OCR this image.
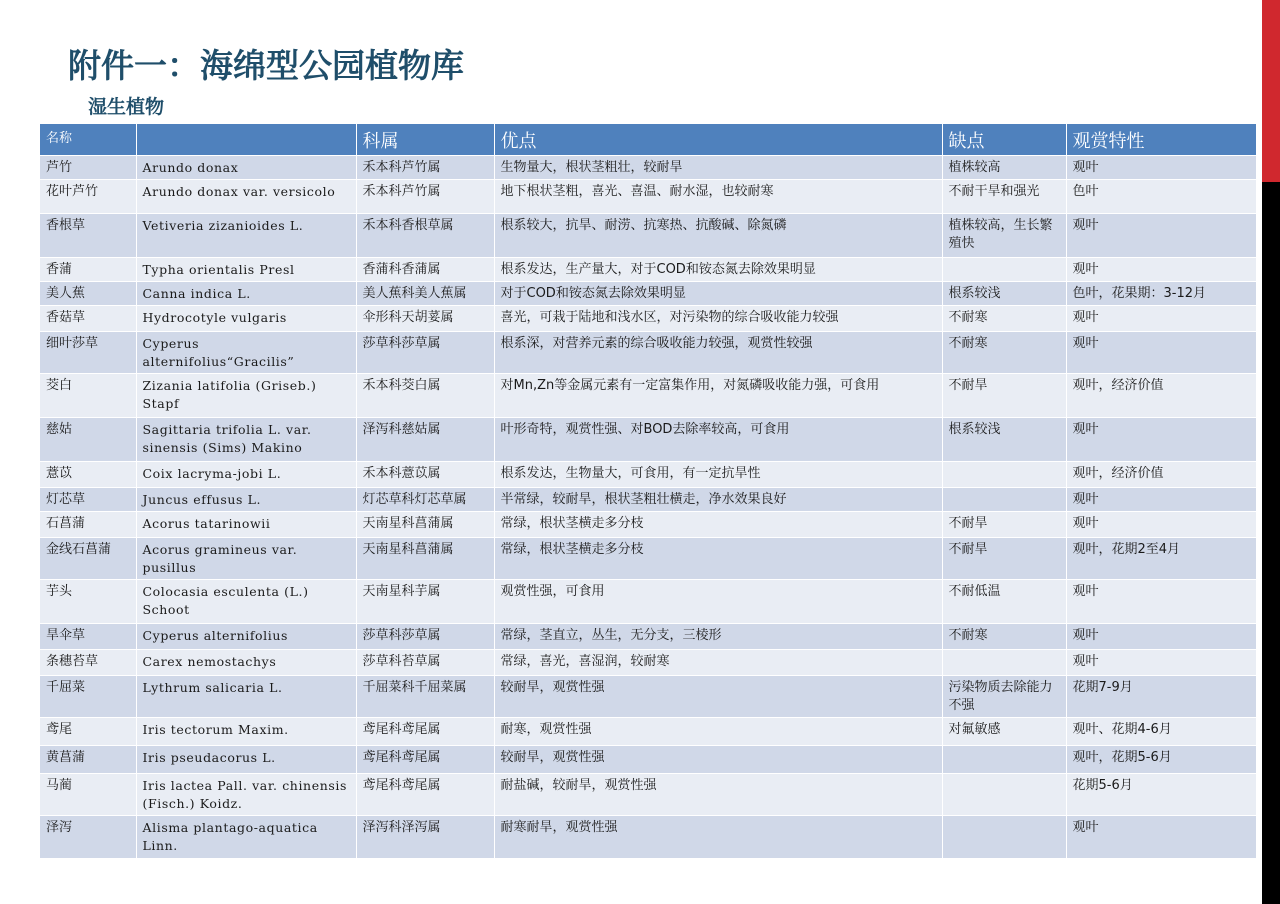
附件一：海绵型公园植物库
湿生植物
名称		科属	优点	缺点	观赏特性
芦竹	Arundo donax	禾本科芦竹属	生物量大，根状茎粗壮，较耐旱	植株较高	观叶
花叶芦竹	Arundo donax var. versicolo	禾本科芦竹属	地下根状茎粗，喜光、喜温、耐水湿，也较耐寒	不耐干旱和强光	色叶
香根草	Vetiveria zizanioides L.	禾本科香根草属	根系较大，抗旱、耐涝、抗寒热、抗酸碱、除氮磷	植株较高，生长繁殖快	观叶
香蒲	Typha orientalis Presl	香蒲科香蒲属	根系发达，生产量大，对于COD和铵态氮去除效果明显		观叶
美人蕉	Canna indica L.	美人蕉科美人蕉属	对于COD和铵态氮去除效果明显	根系较浅	色叶，花果期：3-12月
香菇草	Hydrocotyle vulgaris	伞形科天胡荽属	喜光，可栽于陆地和浅水区，对污染物的综合吸收能力较强	不耐寒	观叶
细叶莎草	Cyperus alternifolius“Gracilis”	莎草科莎草属	根系深，对营养元素的综合吸收能力较强，观赏性较强	不耐寒	观叶
茭白	Zizania latifolia (Griseb.) Stapf	禾本科茭白属	对Mn,Zn等金属元素有一定富集作用，对氮磷吸收能力强，可食用	不耐旱	观叶，经济价值
慈姑	Sagittaria trifolia L. var. sinensis (Sims) Makino	泽泻科慈姑属	叶形奇特，观赏性强、对BOD去除率较高，可食用	根系较浅	观叶
薏苡	Coix lacryma-jobi L.	禾本科薏苡属	根系发达，生物量大，可食用，有一定抗旱性		观叶，经济价值
灯芯草	Juncus effusus L.	灯芯草科灯芯草属	半常绿，较耐旱，根状茎粗壮横走，净水效果良好		观叶
石菖蒲	Acorus tatarinowii	天南星科菖蒲属	常绿，根状茎横走多分枝	不耐旱	观叶
金线石菖蒲	Acorus gramineus var. pusillus	天南星科菖蒲属	常绿，根状茎横走多分枝	不耐旱	观叶，花期2至4月
芋头	Colocasia esculenta (L.) Schoot	天南星科芋属	观赏性强，可食用	不耐低温	观叶
旱伞草	Cyperus alternifolius	莎草科莎草属	常绿，茎直立，丛生，无分支，三棱形	不耐寒	观叶
条穗苔草	Carex nemostachys	莎草科苔草属	常绿，喜光，喜湿润，较耐寒		观叶
千屈菜	Lythrum salicaria L.	千屈菜科千屈菜属	较耐旱，观赏性强	污染物质去除能力不强	花期7-9月
鸢尾	Iris tectorum Maxim.	鸢尾科鸢尾属	耐寒，观赏性强	对氟敏感	观叶、花期4-6月
黄菖蒲	Iris pseudacorus L.	鸢尾科鸢尾属	较耐旱，观赏性强		观叶，花期5-6月
马蔺	Iris lactea Pall. var. chinensis (Fisch.) Koidz.	鸢尾科鸢尾属	耐盐碱，较耐旱，观赏性强		花期5-6月
泽泻	Alisma plantago-aquatica Linn.	泽泻科泽泻属	耐寒耐旱，观赏性强		观叶
